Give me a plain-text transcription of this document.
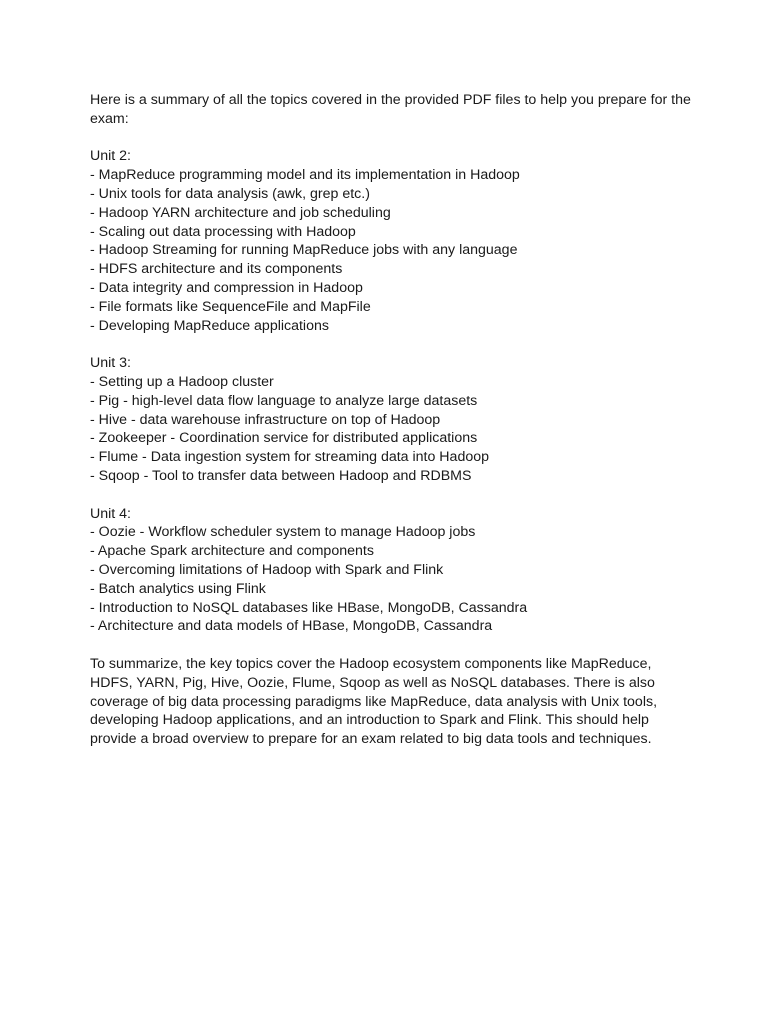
Here is a summary of all the topics covered in the provided PDF files to help you prepare for the
exam:
Unit 2:
- MapReduce programming model and its implementation in Hadoop
- Unix tools for data analysis (awk, grep etc.)
- Hadoop YARN architecture and job scheduling
- Scaling out data processing with Hadoop
- Hadoop Streaming for running MapReduce jobs with any language
- HDFS architecture and its components
- Data integrity and compression in Hadoop
- File formats like SequenceFile and MapFile
- Developing MapReduce applications
Unit 3:
- Setting up a Hadoop cluster
- Pig - high-level data flow language to analyze large datasets
- Hive - data warehouse infrastructure on top of Hadoop
- Zookeeper - Coordination service for distributed applications
- Flume - Data ingestion system for streaming data into Hadoop
- Sqoop - Tool to transfer data between Hadoop and RDBMS
Unit 4:
- Oozie - Workflow scheduler system to manage Hadoop jobs
- Apache Spark architecture and components
- Overcoming limitations of Hadoop with Spark and Flink
- Batch analytics using Flink
- Introduction to NoSQL databases like HBase, MongoDB, Cassandra
- Architecture and data models of HBase, MongoDB, Cassandra
To summarize, the key topics cover the Hadoop ecosystem components like MapReduce,
HDFS, YARN, Pig, Hive, Oozie, Flume, Sqoop as well as NoSQL databases. There is also
coverage of big data processing paradigms like MapReduce, data analysis with Unix tools,
developing Hadoop applications, and an introduction to Spark and Flink. This should help
provide a broad overview to prepare for an exam related to big data tools and techniques.
